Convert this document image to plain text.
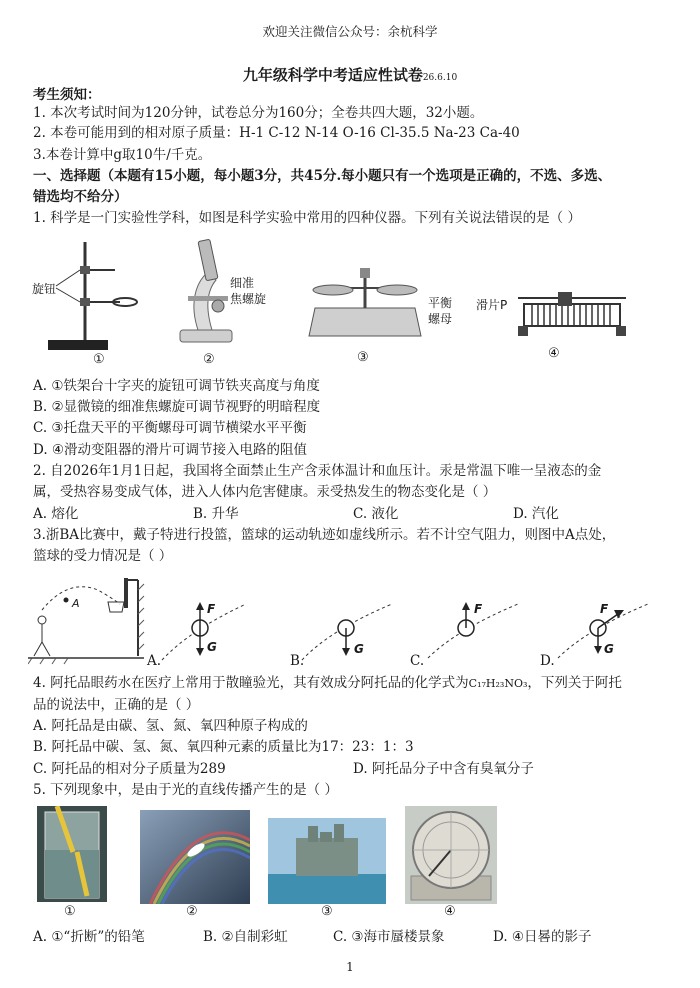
欢迎关注微信公众号：余杭科学
九年级科学中考适应性试卷26.6.10
考生须知：
1. 本次考试时间为120分钟，试卷总分为160分；全卷共四大题，32小题。
2. 本卷可能用到的相对原子质量：H-1 C-12 N-14 O-16 Cl-35.5 Na-23 Ca-40
3.本卷计算中g取10牛/千克。
一、选择题（本题有15小题，每小题3分，共45分.每小题只有一个选项是正确的，不选、多选、
错选均不给分）
1. 科学是一门实验性学科，如图是科学实验中常用的四种仪器。下列有关说法错误的是（ ）
旋钮
①
细准
焦螺旋
②
平衡
螺母
③
滑片P
④
A. ①铁架台十字夹的旋钮可调节铁夹高度与角度
B. ②显微镜的细准焦螺旋可调节视野的明暗程度
C. ③托盘天平的平衡螺母可调节横梁水平平衡
D. ④滑动变阻器的滑片可调节接入电路的阻值
2. 自2026年1月1日起，我国将全面禁止生产含汞体温计和血压计。汞是常温下唯一呈液态的金
属，受热容易变成气体，进入人体内危害健康。汞受热发生的物态变化是（ ）
A. 熔化	B. 升华	C. 液化	D. 汽化
3.浙BA比赛中，戴子特进行投篮，篮球的运动轨迹如虚线所示。若不计空气阻力，则图中A点处，
篮球的受力情况是（ ）
A	F
G
A.
G
B.
F
C.
F
G
D.
4. 阿托品眼药水在医疗上常用于散瞳验光，其有效成分阿托品的化学式为C₁₇H₂₃NO₃，下列关于阿托
品的说法中，正确的是（ ）
A. 阿托品是由碳、氢、氮、氧四种原子构成的
B. 阿托品中碳、氢、氮、氧四种元素的质量比为17：23：1：3
C. 阿托品的相对分子质量为289	D. 阿托品分子中含有臭氧分子
5. 下列现象中，是由于光的直线传播产生的是（ ）
①	②	③	④
A. ①“折断”的铅笔	B. ②自制彩虹	C. ③海市蜃楼景象	D. ④日晷的影子
1
